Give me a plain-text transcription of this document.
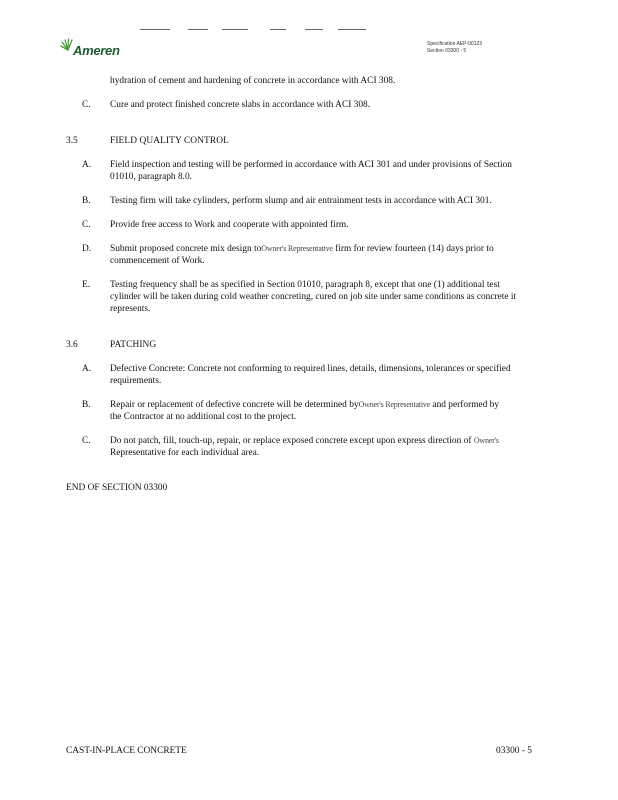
Ameren	Specification AEP-00123
Section 03300 - 5
hydration of cement and hardening of concrete in accordance with ACI 308.
C. Cure and protect finished concrete slabs in accordance with ACI 308.
3.5	FIELD QUALITY CONTROL
A. Field inspection and testing will be performed in accordance with ACI 301 and under provisions of Section
01010, paragraph 8.0.
B. Testing firm will take cylinders, perform slump and air entrainment tests in accordance with ACI 301.
C. Provide free access to Work and cooperate with appointed firm.
D. Submit proposed concrete mix design toOwner's Representative firm for review fourteen (14) days prior to
commencement of Work.
E. Testing frequency shall be as specified in Section 01010, paragraph 8, except that one (1) additional test
cylinder will be taken during cold weather concreting, cured on job site under same conditions as concrete it
represents.
3.6	PATCHING
A. Defective Concrete: Concrete not conforming to required lines, details, dimensions, tolerances or specified
requirements.
B. Repair or replacement of defective concrete will be determined byOwner's Representative and performed by
the Contractor at no additional cost to the project.
C. Do not patch, fill, touch-up, repair, or replace exposed concrete except upon express direction of Owner's
Representative for each individual area.
END OF SECTION 03300
CAST-IN-PLACE CONCRETE	03300 - 5
